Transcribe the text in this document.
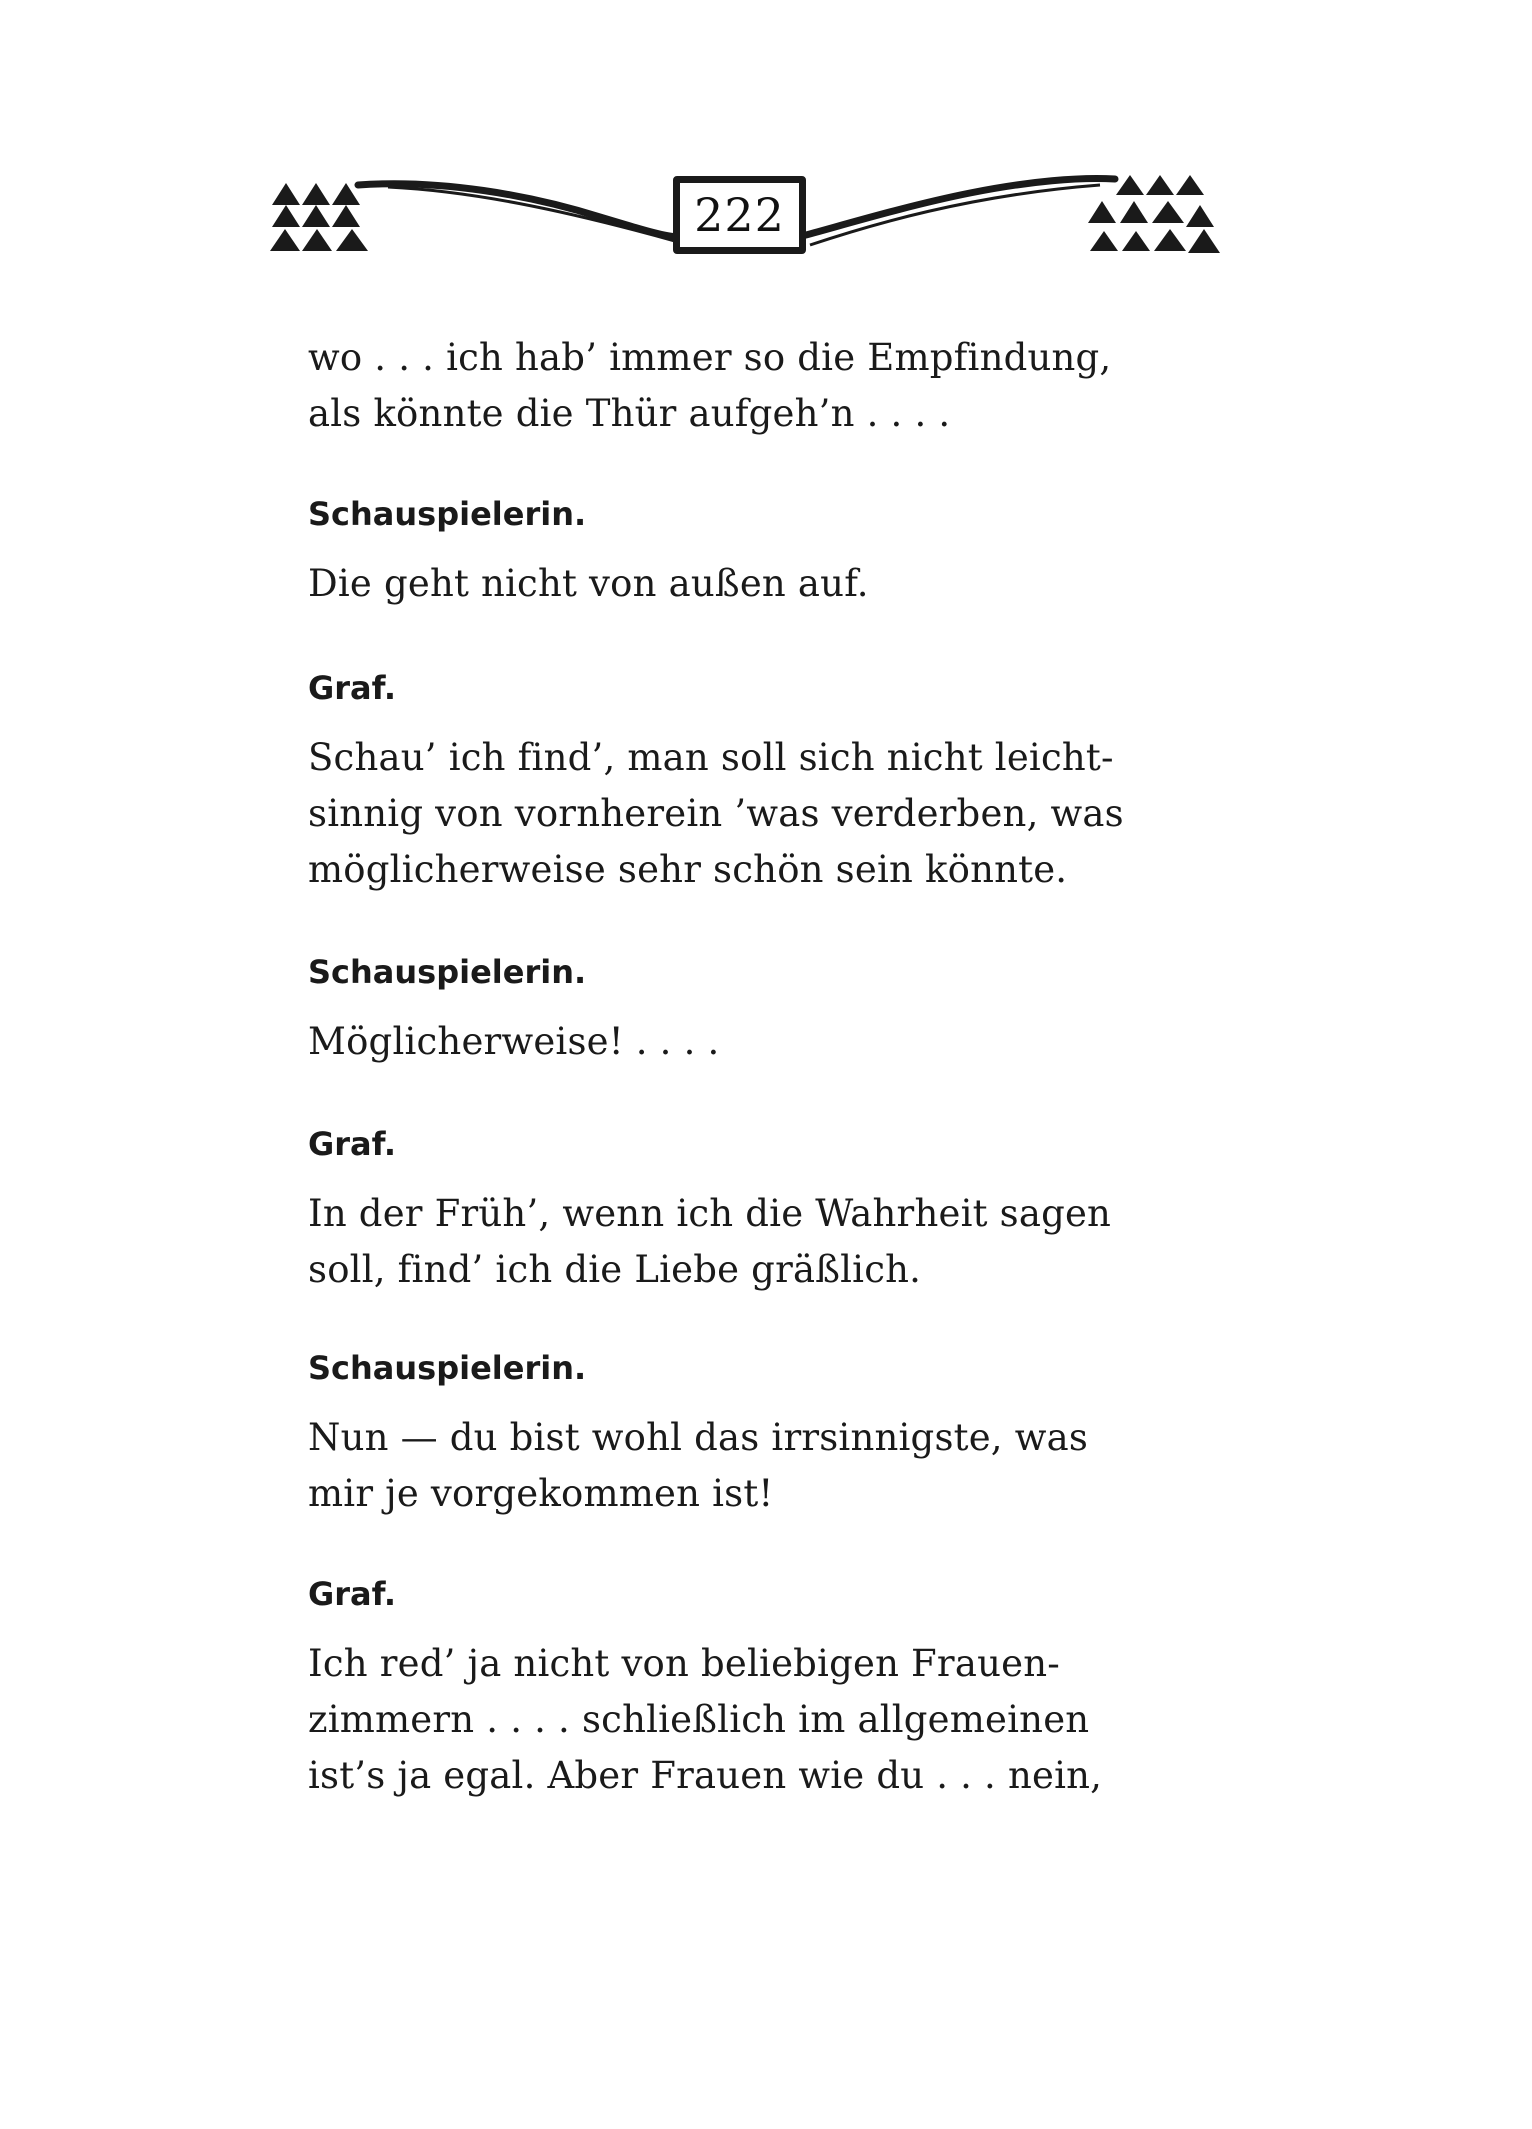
222
wo . . . ich hab’ immer so die Empfindung,
als könnte die Thür aufgeh’n . . . .
Schauspielerin.
Die geht nicht von außen auf.
Graf.
Schau’ ich find’, man soll sich nicht leicht-
sinnig von vornherein ’was verderben, was
möglicherweise sehr schön sein könnte.
Schauspielerin.
Möglicherweise! . . . .
Graf.
In der Früh’, wenn ich die Wahrheit sagen
soll, find’ ich die Liebe gräßlich.
Schauspielerin.
Nun — du bist wohl das irrsinnigste, was
mir je vorgekommen ist!
Graf.
Ich red’ ja nicht von beliebigen Frauen-
zimmern . . . . schließlich im allgemeinen
ist’s ja egal. Aber Frauen wie du . . . nein,
